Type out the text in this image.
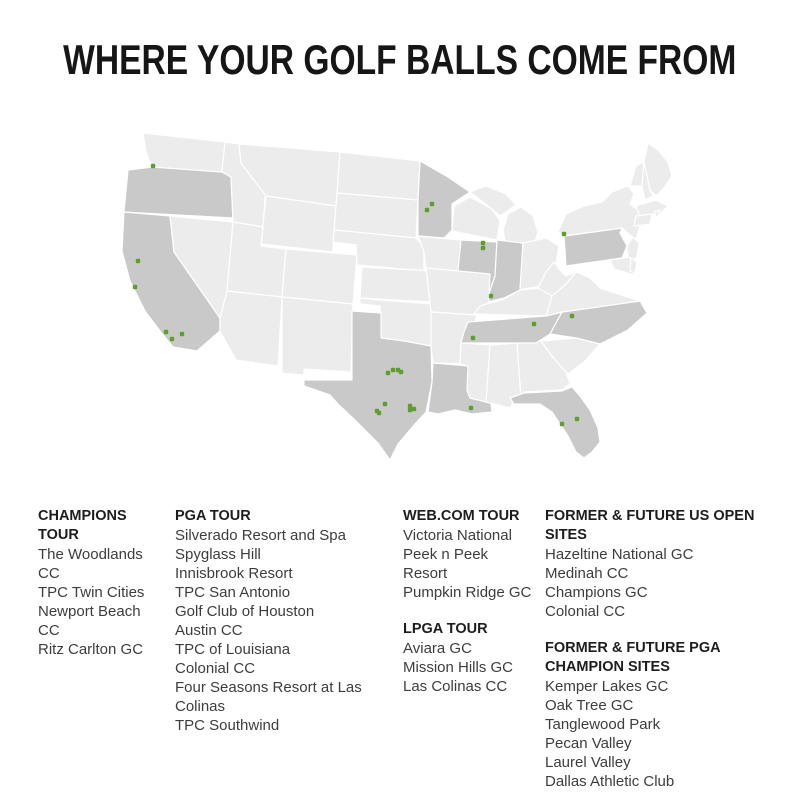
WHERE YOUR GOLF BALLS COME FROM
CHAMPIONS TOUR
The Woodlands CC
TPC Twin Cities
Newport Beach CC
Ritz Carlton GC
PGA TOUR
Silverado Resort and Spa
Spyglass Hill
Innisbrook Resort
TPC San Antonio
Golf Club of Houston
Austin CC
TPC of Louisiana
Colonial CC
Four Seasons Resort at Las Colinas
TPC Southwind
WEB.COM TOUR
Victoria National
Peek n Peek Resort
Pumpkin Ridge GC
LPGA TOUR
Aviara GC
Mission Hills GC
Las Colinas CC
FORMER & FUTURE US OPEN SITES
Hazeltine National GC
Medinah CC
Champions GC
Colonial CC
FORMER & FUTURE PGA CHAMPION SITES
Kemper Lakes GC
Oak Tree GC
Tanglewood Park
Pecan Valley
Laurel Valley
Dallas Athletic Club
